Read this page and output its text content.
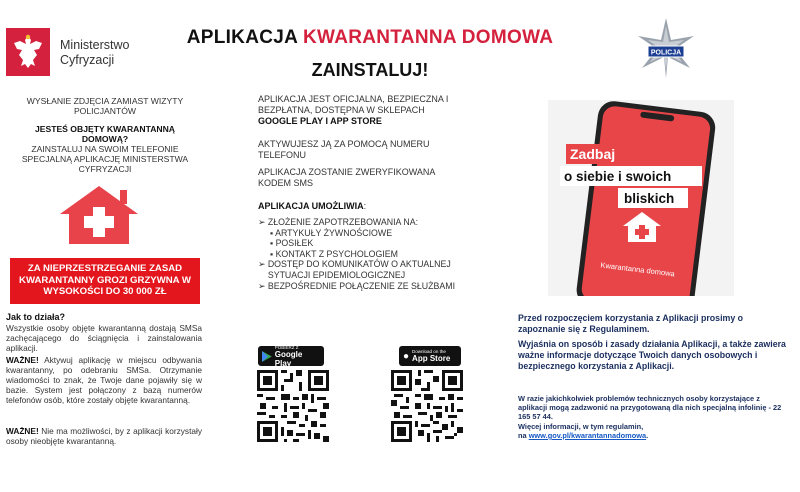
Ministerstwo
Cyfryzacji
APLIKACJA KWARANTANNA DOMOWA
ZAINSTALUJ!
POLICJA
WYSŁANIE ZDJĘCIA ZAMIAST WIZYTY POLICJANTÓW
JESTEŚ OBJĘTY KWARANTANNĄ DOMOWĄ?
ZAINSTALUJ NA SWOIM TELEFONIE SPECJALNĄ APLIKACJĘ MINISTERSTWA CYFRYZACJI
ZA NIEPRZESTRZEGANIE ZASAD KWARANTANNY GROZI GRZYWNA W WYSOKOŚCI DO 30 000 ZŁ
Jak to działa?
Wszystkie osoby objęte kwarantanną dostają SMSa zachęcającego do ściągnięcia i zainstalowania aplikacji.
WAŻNE! Aktywuj aplikację w miejscu odbywania kwarantanny, po odebraniu SMSa. Otrzymanie wiadomości to znak, że Twoje dane pojawiły się w bazie. System jest połączony z bazą numerów telefonów osób, które zostały objęte kwarantanną.
WAŻNE! Nie ma możliwości, by z aplikacji korzystały osoby nieobjęte kwarantanną.
APLIKACJA JEST OFICJALNA, BEZPIECZNA I BEZPŁATNA, DOSTĘPNA W SKLEPACH
GOOGLE PLAY I APP STORE
AKTYWUJESZ JĄ ZA POMOCĄ NUMERU TELEFONU
APLIKACJA ZOSTANIE ZWERYFIKOWANA KODEM SMS
APLIKACJA UMOŻLIWIA:
➢ ZŁOŻENIE ZAPOTRZEBOWANIA NA:
▪ ARTYKUŁY ŻYWNOŚCIOWE
▪ POSIŁEK
▪ KONTAKT Z PSYCHOLOGIEM
➢ DOSTĘP DO KOMUNIKATÓW O AKTUALNEJ SYTUACJI EPIDEMIOLOGICZNEJ
➢ BEZPOŚREDNIE POŁĄCZENIE ZE SŁUŻBAMI
POBIERZ Z
Google Play
● Download on the
App Store
Zadbaj
o siebie i swoich
bliskich
Kwarantanna domowa
Przed rozpoczęciem korzystania z Aplikacji prosimy o zapoznanie się z Regulaminem.
Wyjaśnia on sposób i zasady działania Aplikacji, a także zawiera ważne informacje dotyczące Twoich danych osobowych i bezpiecznego korzystania z Aplikacji.
W razie jakichkolwiek problemów technicznych osoby korzystające z aplikacji mogą zadzwonić na przygotowaną dla nich specjalną infolinię - 22 165 57 44.
Więcej informacji, w tym regulamin,
na www.gov.pl/kwarantannadomowa.
